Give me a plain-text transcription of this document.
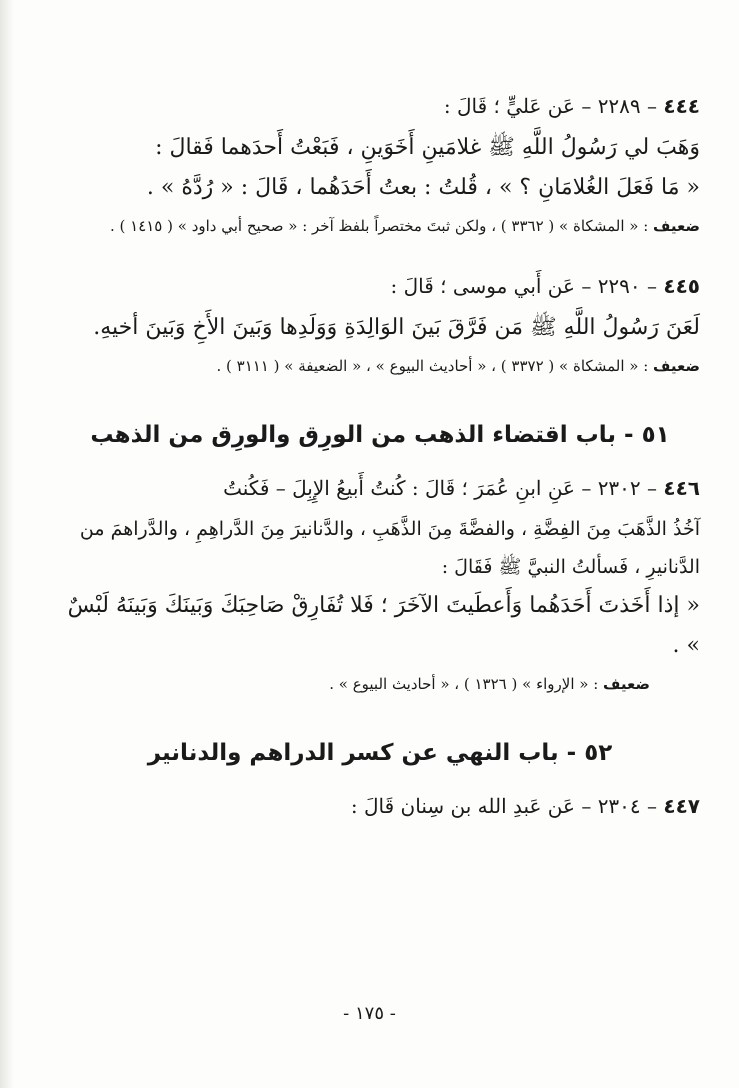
٤٤٤ – ٢٢٨٩ – عَن عَليٍّ ؛ قَالَ :

وَهَبَ لي رَسُولُ اللَّهِ ﷺ غلامَينِ أَخَوَينِ ، فَبَعْتُ أَحدَهما فَقالَ :

« مَا فَعَلَ الغُلامَانِ ؟ » ، قُلتُ : بعتُ أَحَدَهُما ، قَالَ : « رُدَّهُ » .

ضعيف : « المشكاة » ( ٣٣٦٢ ) ، ولكن ثبتَ مختصراً بلفظ آخر : « صحيح أبي داود » ( ١٤١٥ ) .

٤٤٥ – ٢٢٩٠ – عَن أَبي موسى ؛ قَالَ :

لَعَنَ رَسُولُ اللَّهِ ﷺ مَن فَرَّقَ بَينَ الوَالِدَةِ وَوَلَدِها وَبَينَ الأَخِ وَبَينَ أخيهِ.

ضعيف : « المشكاة » ( ٣٣٧٢ ) ، « أحاديث البيوع » ، « الضعيفة » ( ٣١١١ ) .

٥١ - باب اقتضاء الذهب من الورِق والورِق من الذهب
٤٤٦ – ٢٣٠٢ – عَنِ ابنِ عُمَرَ ؛ قَالَ : كُنتُ أَبيعُ الإِبِلَ – فَكُنتُ

آخُذُ الذَّهَبَ مِنَ الفِضَّةِ ، والفضَّةَ مِنَ الذَّهَبِ ، والدَّنانيرَ مِنَ الدَّراهِمِ ، والدَّراهمَ من الدَّنانيرِ ، فَسألتُ النبيَّ ﷺ فَقَالَ :

« إذا أَخَذتَ أَحَدَهُما وَأَعطَيتَ الآخَرَ ؛ فَلا تُفَارِقْ صَاحِبَكَ وَبَينَكَ وَبَينَهُ لَبْسٌ » .

ضعيف : « الإرواء » ( ١٣٢٦ ) ، « أحاديث البيوع » .

٥٢ - باب النهي عن كسر الدراهم والدنانير
٤٤٧ – ٢٣٠٤ – عَن عَبدِ الله بن سِنان قَالَ :
- ١٧٥ -
